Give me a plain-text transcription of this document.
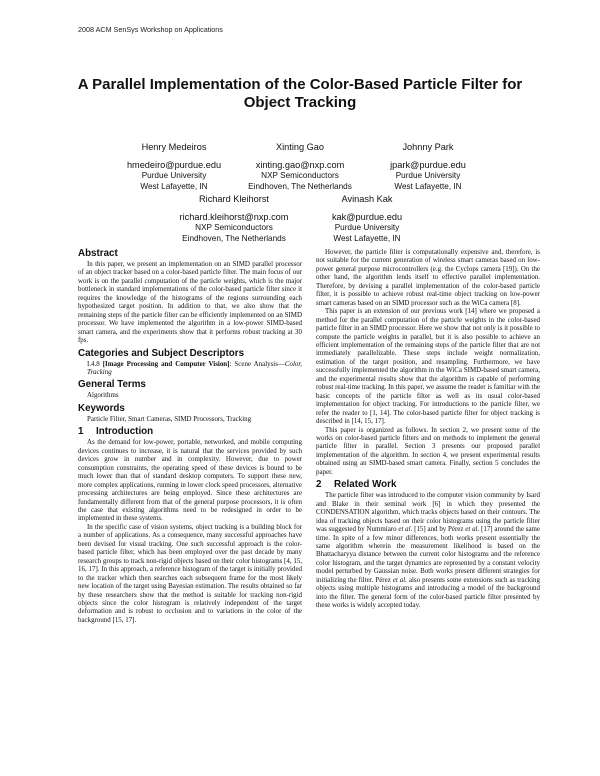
2008 ACM SenSys Workshop on Applications
A Parallel Implementation of the Color-Based Particle Filter for
Object Tracking
Henry Medeiros
hmedeiro@purdue.edu
Purdue University
West Lafayette, IN
Xinting Gao
xinting.gao@nxp.com
NXP Semiconductors
Eindhoven, The Netherlands
Johnny Park
jpark@purdue.edu
Purdue University
West Lafayette, IN
Richard Kleihorst
richard.kleihorst@nxp.com
NXP Semiconductors
Eindhoven, The Netherlands
Avinash Kak
kak@purdue.edu
Purdue University
West Lafayette, IN
Abstract

In this paper, we present an implementation on an SIMD parallel processor of an object tracker based on a color-based particle filter. The main focus of our work is on the parallel computation of the particle weights, which is the major bottleneck in standard implementations of the color-based particle filter since it requires the knowledge of the histograms of the regions surrounding each hypothesized target position. In addition to that, we also show that the remaining steps of the particle filter can be efficiently implemented on an SIMD processor. We have implemented the algorithm in a low-power SIMD-based smart camera, and the experiments show that it performs robust tracking at 30 fps.

Categories and Subject Descriptors
I.4.8 [Image Processing and Computer Vision]: Scene Analysis—Color, Tracking
General Terms
Algorithms
Keywords
Particle Filter, Smart Cameras, SIMD Processors, Tracking
1 Introduction

As the demand for low-power, portable, networked, and mobile computing devices continues to increase, it is natural that the services provided by such devices grow in number and in complexity. However, due to power consumption constraints, the operating speed of these devices is bound to be much lower than that of standard desktop computers. To support these new, more complex applications, running in lower clock speed processors, alternative processing architectures are being employed. Since these architectures are fundamentally different from that of the general purpose processors, it is often the case that existing algorithms need to be redesigned in order to be implemented in these systems.

In the specific case of vision systems, object tracking is a building block for a number of applications. As a consequence, many successful approaches have been devised for visual tracking. One such successful approach is the color-based particle filter, which has been employed over the past decade by many research groups to track non-rigid objects based on their color histograms [4, 15, 16, 17]. In this approach, a reference histogram of the target is initially provided to the tracker which then searches each subsequent frame for the most likely new location of the target using Bayesian estimation. The results obtained so far by these researchers show that the method is suitable for tracking non-rigid objects since the color histogram is relatively independent of the target deformation and is robust to occlusion and to variations in the color of the background [15, 17].

However, the particle filter is computationally expensive and, therefore, is not suitable for the current generation of wireless smart cameras based on low-power general purpose microcontrollers (e.g. the Cyclops camera [19]). On the other hand, the algorithm lends itself to effective parallel implementation. Therefore, by devising a parallel implementation of the color-based particle filter, it is possible to achieve robust real-time object tracking on low-power smart cameras based on an SIMD processor such as the WiCa camera [8].

This paper is an extension of our previous work [14] where we proposed a method for the parallel computation of the particle weights in the color-based particle filter in an SIMD processor. Here we show that not only is it possible to compute the particle weights in parallel, but it is also possible to achieve an efficient implementation of the remaining steps of the particle filter that are not immediately parallelizable. These steps include weight normalization, estimation of the target position, and resampling. Furthermore, we have successfully implemented the algorithm in the WiCa SIMD-based smart camera, and the experimental results show that the algorithm is capable of performing robust real-time tracking. In this paper, we assume the reader is familiar with the basic concepts of the particle filter as well as its usual color-based implementation for object tracking. For introductions to the particle filter, we refer the reader to [1, 14]. The color-based particle filter for object tracking is described in [14, 15, 17].

This paper is organized as follows. In section 2, we present some of the works on color-based particle filters and on methods to implement the general particle filter in parallel. Section 3 presents our proposed parallel implementation of the algorithm. In section 4, we present experimental results obtained using an SIMD-based smart camera. Finally, section 5 concludes the paper.

2 Related Work

The particle filter was introduced to the computer vision community by Isard and Blake in their seminal work [6] in which they presented the CONDENSATION algorithm, which tracks objects based on their contours. The idea of tracking objects based on their color histograms using the particle filter was suggested by Nummiaro et al. [15] and by Pérez et al. [17] around the same time. In spite of a few minor differences, both works present essentially the same algorithm wherein the measurement likelihood is based on the Bhattacharyya distance between the current color histograms and the reference color histogram, and the target dynamics are represented by a constant velocity model perturbed by Gaussian noise. Both works present different strategies for initializing the filter. Pérez et al. also presents some extensions such as tracking objects using multiple histograms and introducing a model of the background into the filter. The general form of the color-based particle filter presented by these works is widely accepted today.
